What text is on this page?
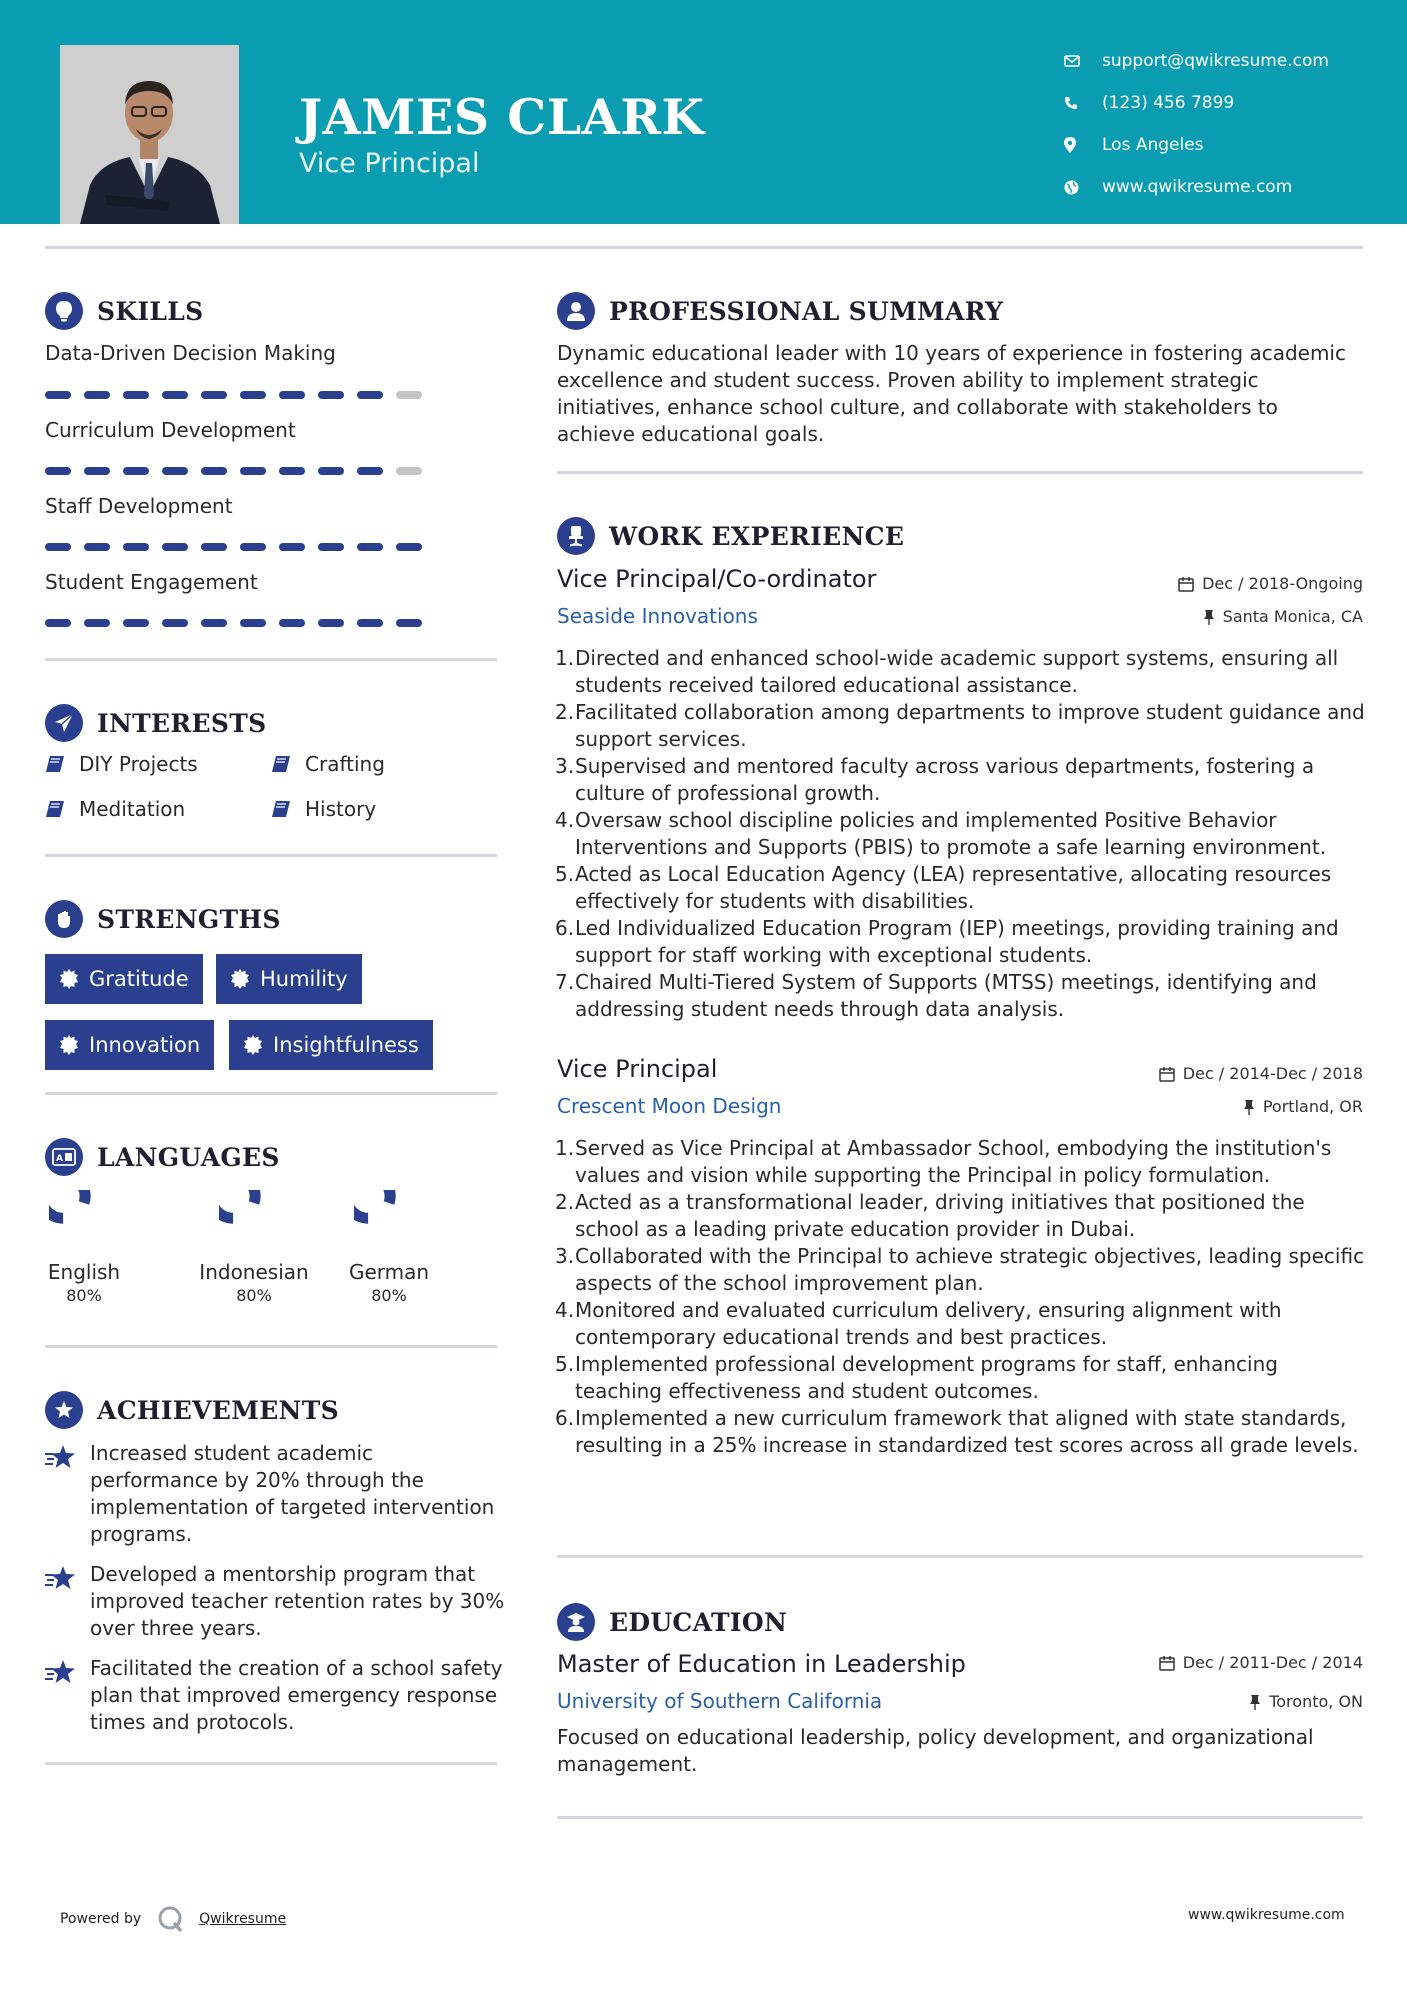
JAMES CLARK
Vice Principal
support@qwikresume.com
(123) 456 7899
Los Angeles
www.qwikresume.com
SKILLS
Data-Driven Decision Making
Curriculum Development
Staff Development
Student Engagement
INTERESTS
DIY Projects	Crafting
Meditation	History
STRENGTHS
Gratitude	Humility
Innovation	Insightfulness
A LANGUAGES
English
80%
Indonesian
80%
German
80%
ACHIEVEMENTS
Increased student academic performance by 20% through the implementation of targeted intervention programs.
Developed a mentorship program that improved teacher retention rates by 30% over three years.
Facilitated the creation of a school safety plan that improved emergency response times and protocols.
PROFESSIONAL SUMMARY
Dynamic educational leader with 10 years of experience in fostering academic excellence and student success. Proven ability to implement strategic initiatives, enhance school culture, and collaborate with stakeholders to achieve educational goals.
WORK EXPERIENCE
Vice Principal/Co-ordinator	Dec / 2018-Ongoing
Seaside Innovations	Santa Monica, CA
1. Directed and enhanced school-wide academic support systems, ensuring all students received tailored educational assistance.
2. Facilitated collaboration among departments to improve student guidance and support services.
3. Supervised and mentored faculty across various departments, fostering a culture of professional growth.
4. Oversaw school discipline policies and implemented Positive Behavior Interventions and Supports (PBIS) to promote a safe learning environment.
5. Acted as Local Education Agency (LEA) representative, allocating resources effectively for students with disabilities.
6. Led Individualized Education Program (IEP) meetings, providing training and support for staff working with exceptional students.
7. Chaired Multi-Tiered System of Supports (MTSS) meetings, identifying and addressing student needs through data analysis.
Vice Principal	Dec / 2014-Dec / 2018
Crescent Moon Design	Portland, OR
1. Served as Vice Principal at Ambassador School, embodying the institution's values and vision while supporting the Principal in policy formulation.
2. Acted as a transformational leader, driving initiatives that positioned the school as a leading private education provider in Dubai.
3. Collaborated with the Principal to achieve strategic objectives, leading specific aspects of the school improvement plan.
4. Monitored and evaluated curriculum delivery, ensuring alignment with contemporary educational trends and best practices.
5. Implemented professional development programs for staff, enhancing teaching effectiveness and student outcomes.
6. Implemented a new curriculum framework that aligned with state standards, resulting in a 25% increase in standardized test scores across all grade levels.
EDUCATION
Master of Education in Leadership	Dec / 2011-Dec / 2014
University of Southern California	Toronto, ON
Focused on educational leadership, policy development, and organizational management.
Powered by	Qwikresume	www.qwikresume.com
